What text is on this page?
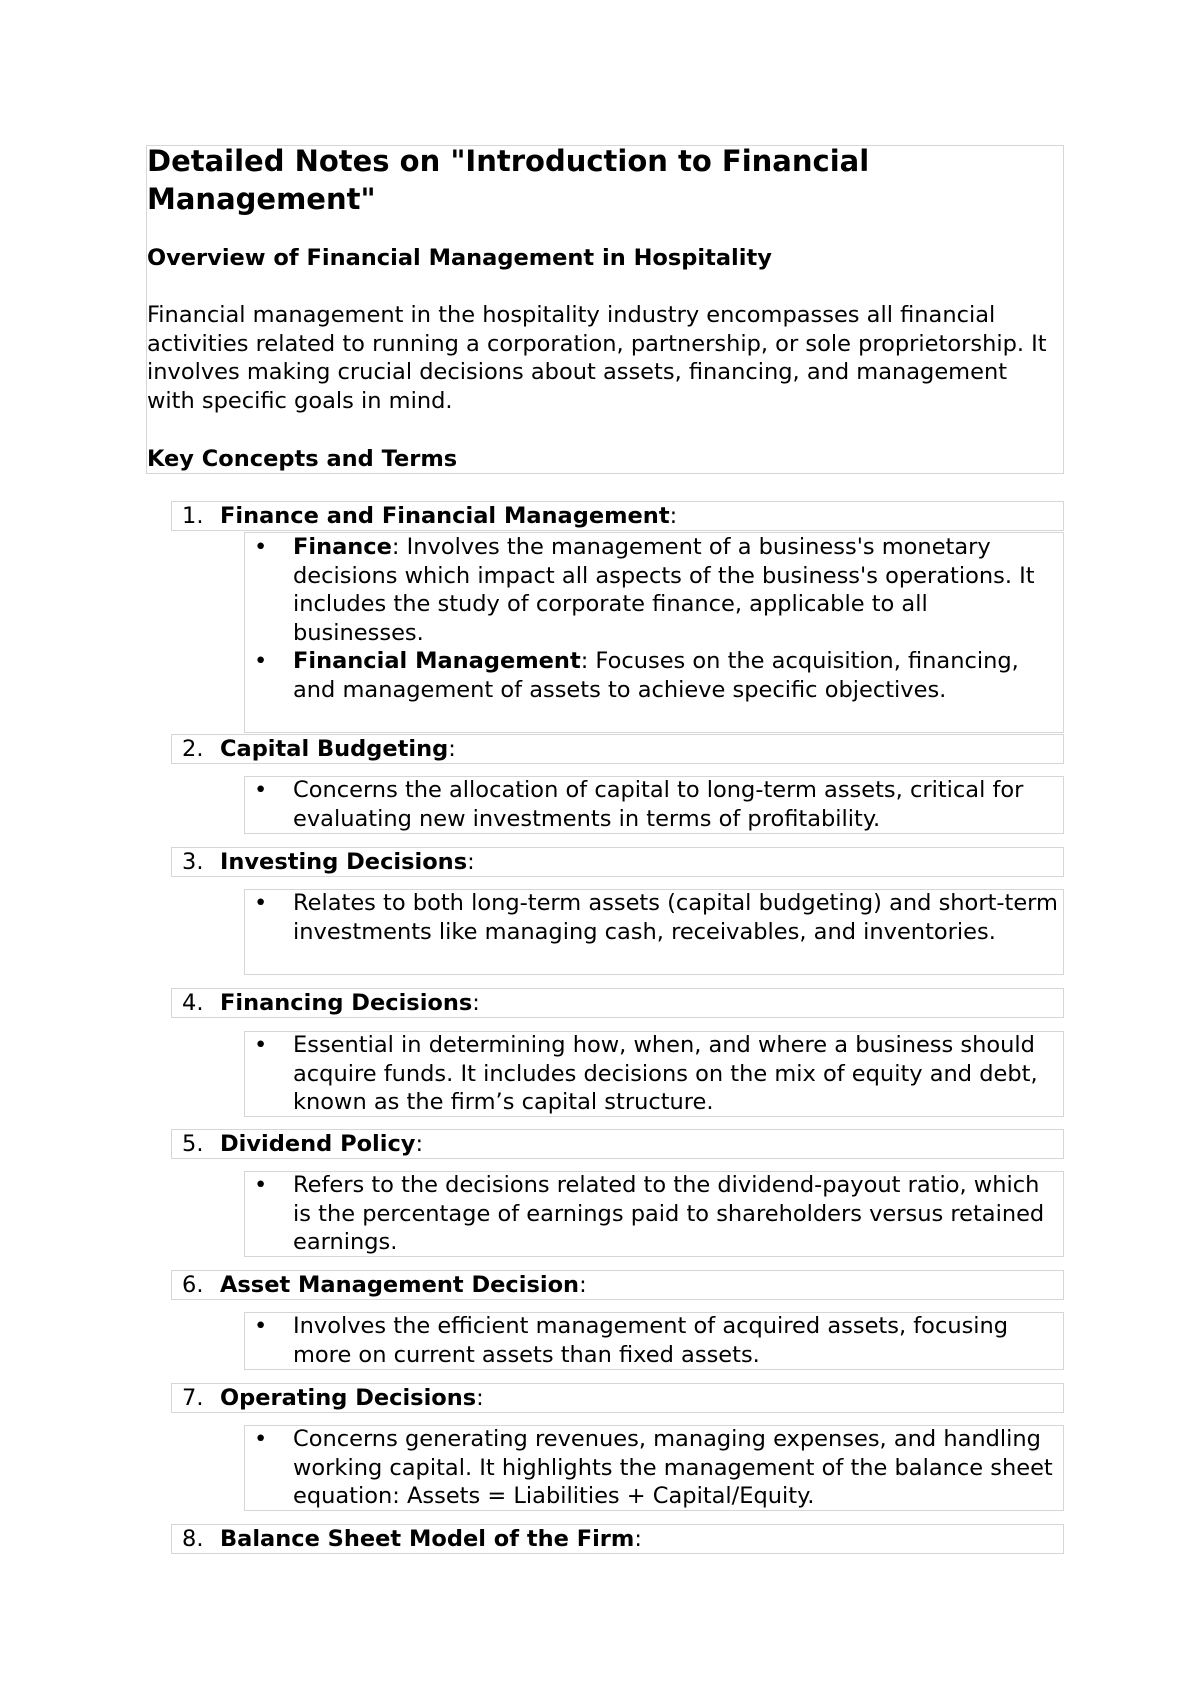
Detailed Notes on "Introduction to Financial Management"
Overview of Financial Management in Hospitality

Financial management in the hospitality industry encompasses all financial activities related to running a corporation, partnership, or sole proprietorship. It involves making crucial decisions about assets, financing, and management with specific goals in mind.

Key Concepts and Terms
1. Finance and Financial Management:
• Finance: Involves the management of a business's monetary decisions which impact all aspects of the business's operations. It includes the study of corporate finance, applicable to all businesses.
• Financial Management: Focuses on the acquisition, financing, and management of assets to achieve specific objectives.
2. Capital Budgeting:
• Concerns the allocation of capital to long-term assets, critical for evaluating new investments in terms of profitability.
3. Investing Decisions:
• Relates to both long-term assets (capital budgeting) and short-term investments like managing cash, receivables, and inventories.
4. Financing Decisions:
• Essential in determining how, when, and where a business should acquire funds. It includes decisions on the mix of equity and debt, known as the firm’s capital structure.
5. Dividend Policy:
• Refers to the decisions related to the dividend-payout ratio, which is the percentage of earnings paid to shareholders versus retained earnings.
6. Asset Management Decision:
• Involves the efficient management of acquired assets, focusing more on current assets than fixed assets.
7. Operating Decisions:
• Concerns generating revenues, managing expenses, and handling working capital. It highlights the management of the balance sheet equation: Assets = Liabilities + Capital/Equity.
8. Balance Sheet Model of the Firm:
